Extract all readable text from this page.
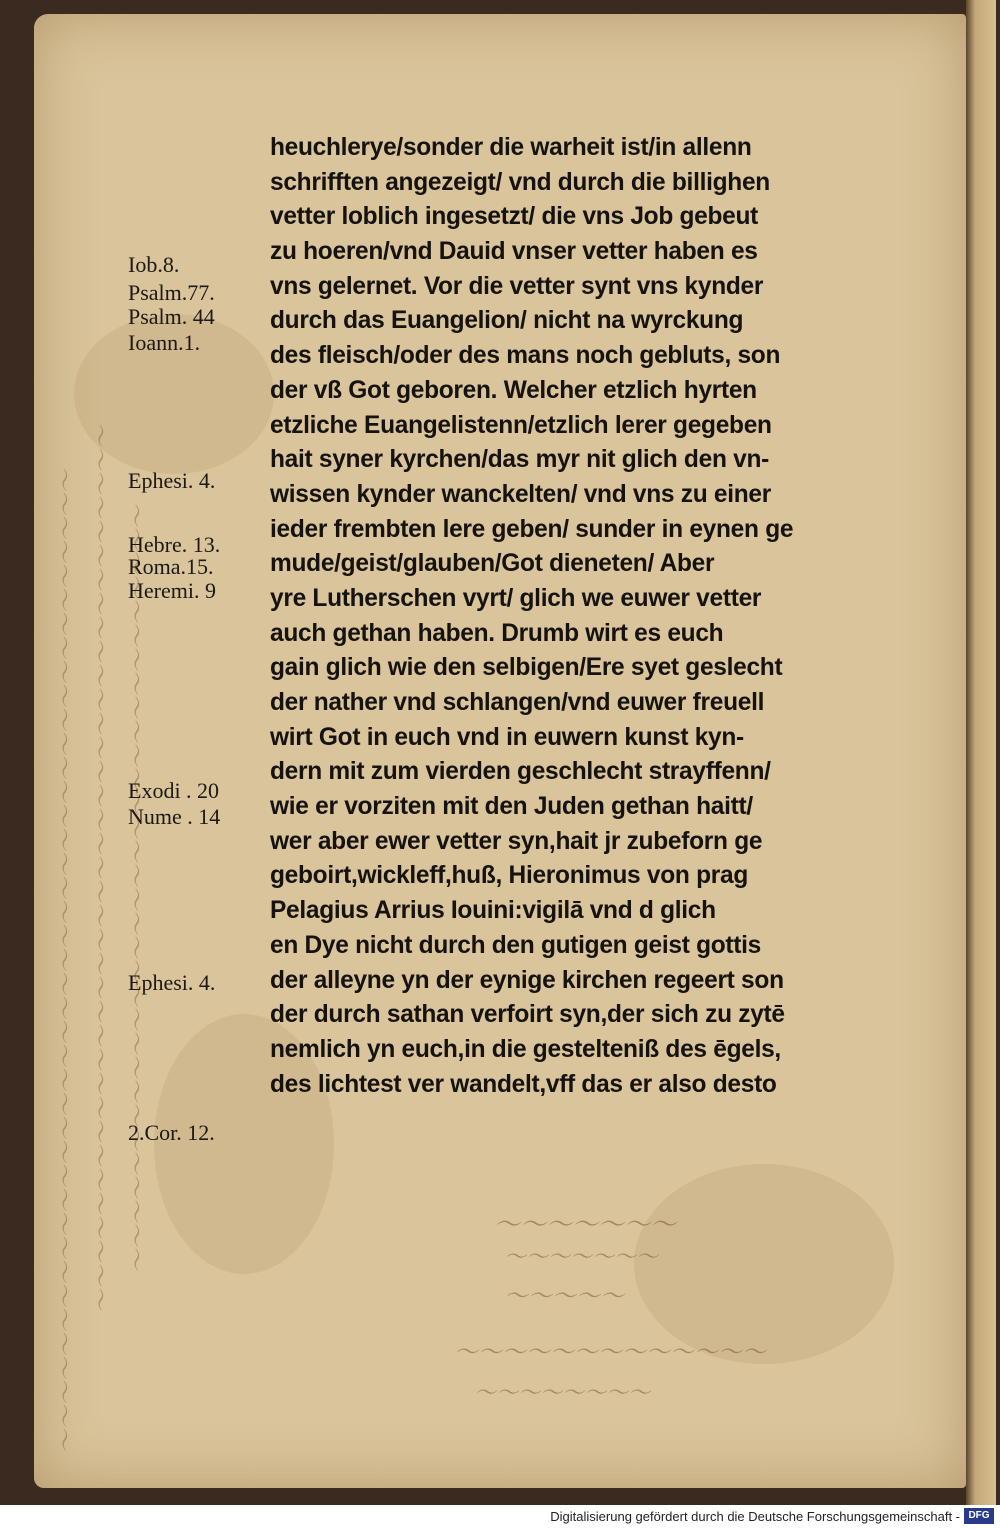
～～～～～～～～～～～～～～～～～～～～～～～～～～～～～～～～～～～～～～～～～ ～～～～～～～～～～～～～～～～～～～～～～～～～～～～～～～～～～～～～ ～～～～～～～～～～～～～～～～～～～～～～～～～～～～～～～～	～～～～～～～
～～～～～～～
～～～～～
～～～～～～～～～～～～～
～～～～～～～～
Iob.8.
Psalm.77.
Psalm. 44
Ioann.1.
Ephesi. 4.
Hebre. 13.
Roma.15.
Heremi. 9
Exodi . 20
Nume . 14
Ephesi. 4.
2.Cor. 12.
heuchlerye/sonder die warheit ist/in allenn
schrifften angezeigt/ vnd durch die billighen
vetter loblich ingesetzt/ die vns Job gebeut
zu hoeren/vnd Dauid vnser vetter haben es
vns gelernet. Vor die vetter synt vns kynder
durch das Euangelion/ nicht na wyrckung
des fleisch/oder des mans noch gebluts, son
der vß Got geboren. Welcher etzlich hyrten
etzliche Euangelistenn/etzlich lerer gegeben
hait syner kyrchen/das myr nit glich den vn-
wissen kynder wanckelten/ vnd vns zu einer
ieder frembten lere geben/ sunder in eynen ge
mude/geist/glauben/Got dieneten/ Aber
yre Lutherschen vyrt/ glich we euwer vetter
auch gethan haben. Drumb wirt es euch
gain glich wie den selbigen/Ere syet geslecht
der nather vnd schlangen/vnd euwer freuell
wirt Got in euch vnd in euwern kunst kyn-
dern mit zum vierden geschlecht strayffenn/
wie er vorziten mit den Juden gethan haitt/
wer aber ewer vetter syn,hait jr zubeforn ge
geboirt,wickleff,huß, Hieronimus von prag
Pelagius Arrius Iouini:vigilā vnd d glich
en Dye nicht durch den gutigen geist gottis
der alleyne yn der eynige kirchen regeert son
der durch sathan verfoirt syn,der sich zu zytē
nemlich yn euch,in die gestelteniß des ēgels,
des lichtest ver wandelt,vff das er also desto
Digitalisierung gefördert durch die Deutsche Forschungsgemeinschaft - DFG
